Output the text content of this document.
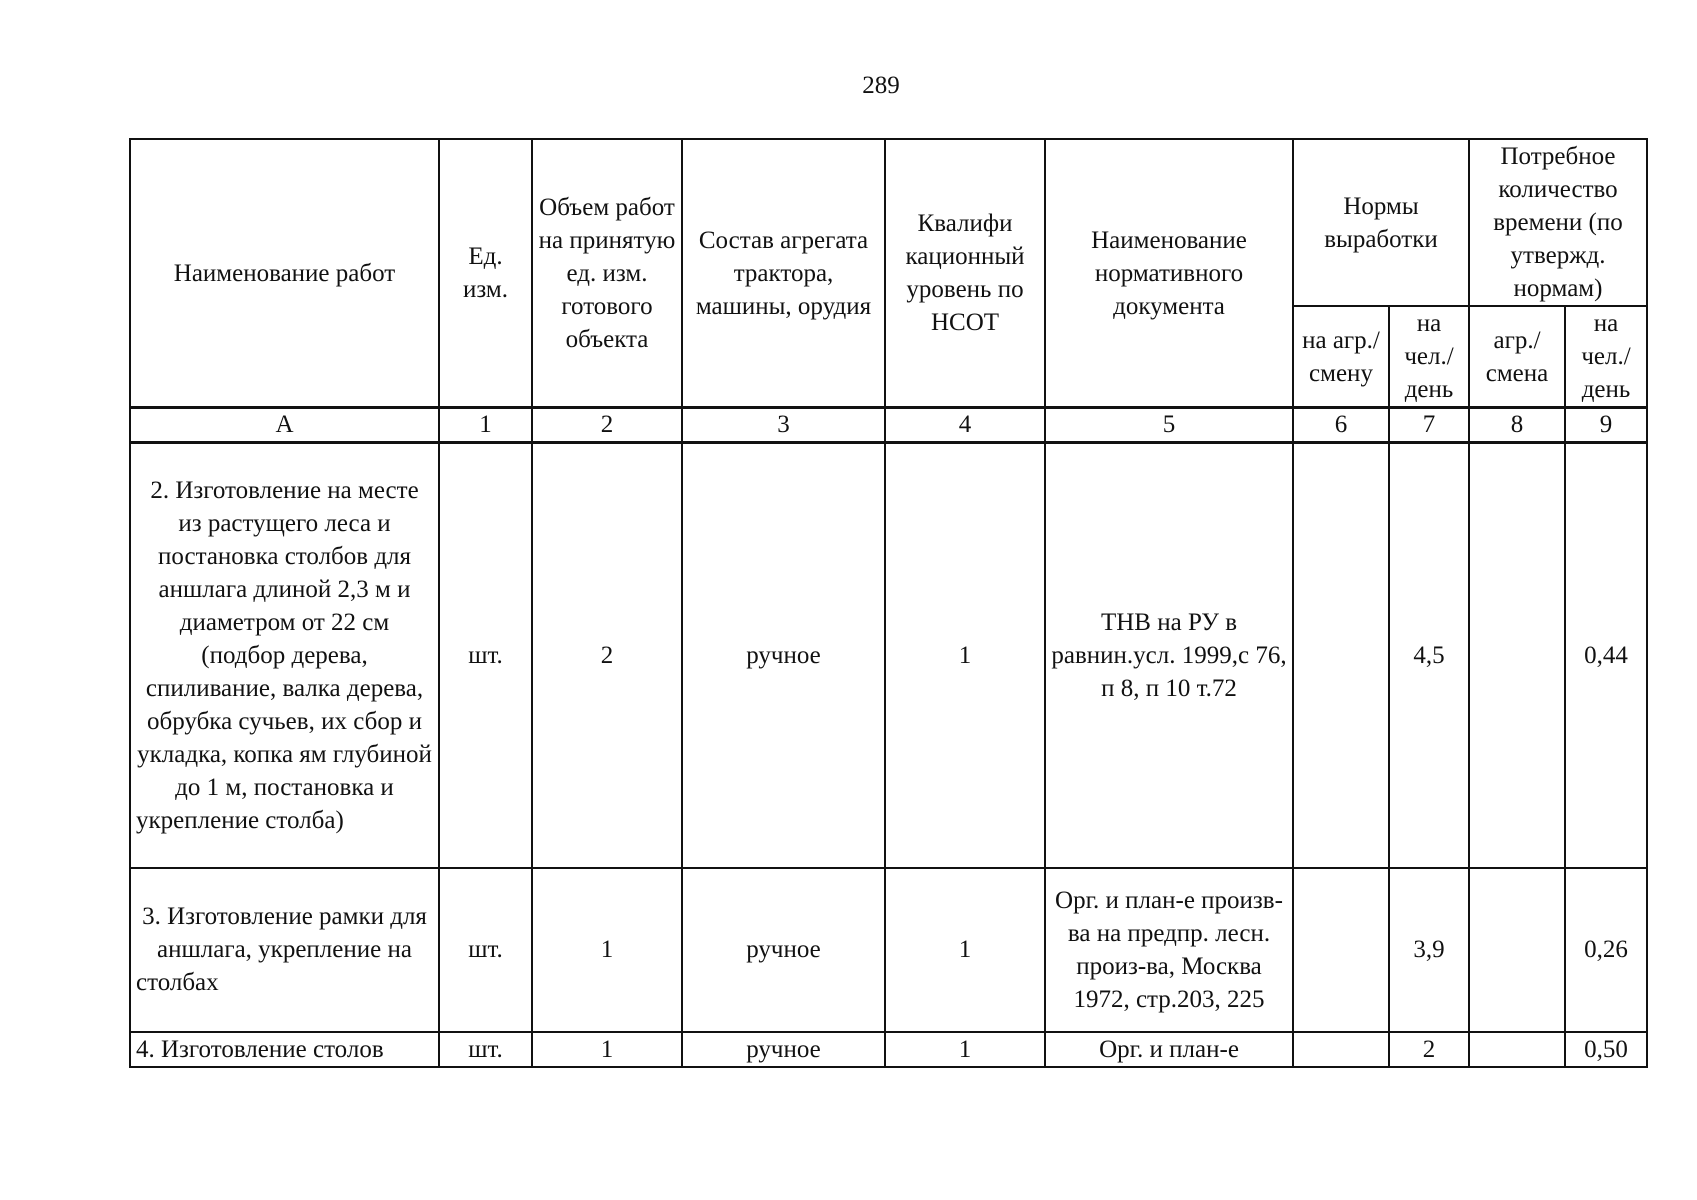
289
Наименование работ	Ед. изм.	Объем работ на принятую ед. изм. готового объекта	Состав агрегата трактора, машины, орудия	Квалифи кационный уровень по НСОТ	Наименование нормативного документа	Нормы выработки		Потребное количество времени (по утвержд. нормам)	
						на агр./ смену	на чел./ день	агр./ смена	на чел./ день
А	1	2	3	4	5	6	7	8	9
2. Изготовление на месте из растущего леса и постановка столбов для аншлага длиной 2,3 м и диаметром от 22 см (подбор дерева, спиливание, валка дерева, обрубка сучьев, их сбор и укладка, копка ям глубиной до 1 м, постановка и укрепление столба)	шт.	2	ручное	1	ТНВ на РУ в равнин.усл. 1999,с 76, п 8, п 10 т.72		4,5		0,44
3. Изготовление рамки для аншлага, укрепление на столбах	шт.	1	ручное	1	Орг. и план-е произв-ва на предпр. лесн. произ-ва, Москва 1972, стр.203, 225		3,9		0,26
4. Изготовление столов	шт.	1	ручное	1	Орг. и план-е		2		0,50
